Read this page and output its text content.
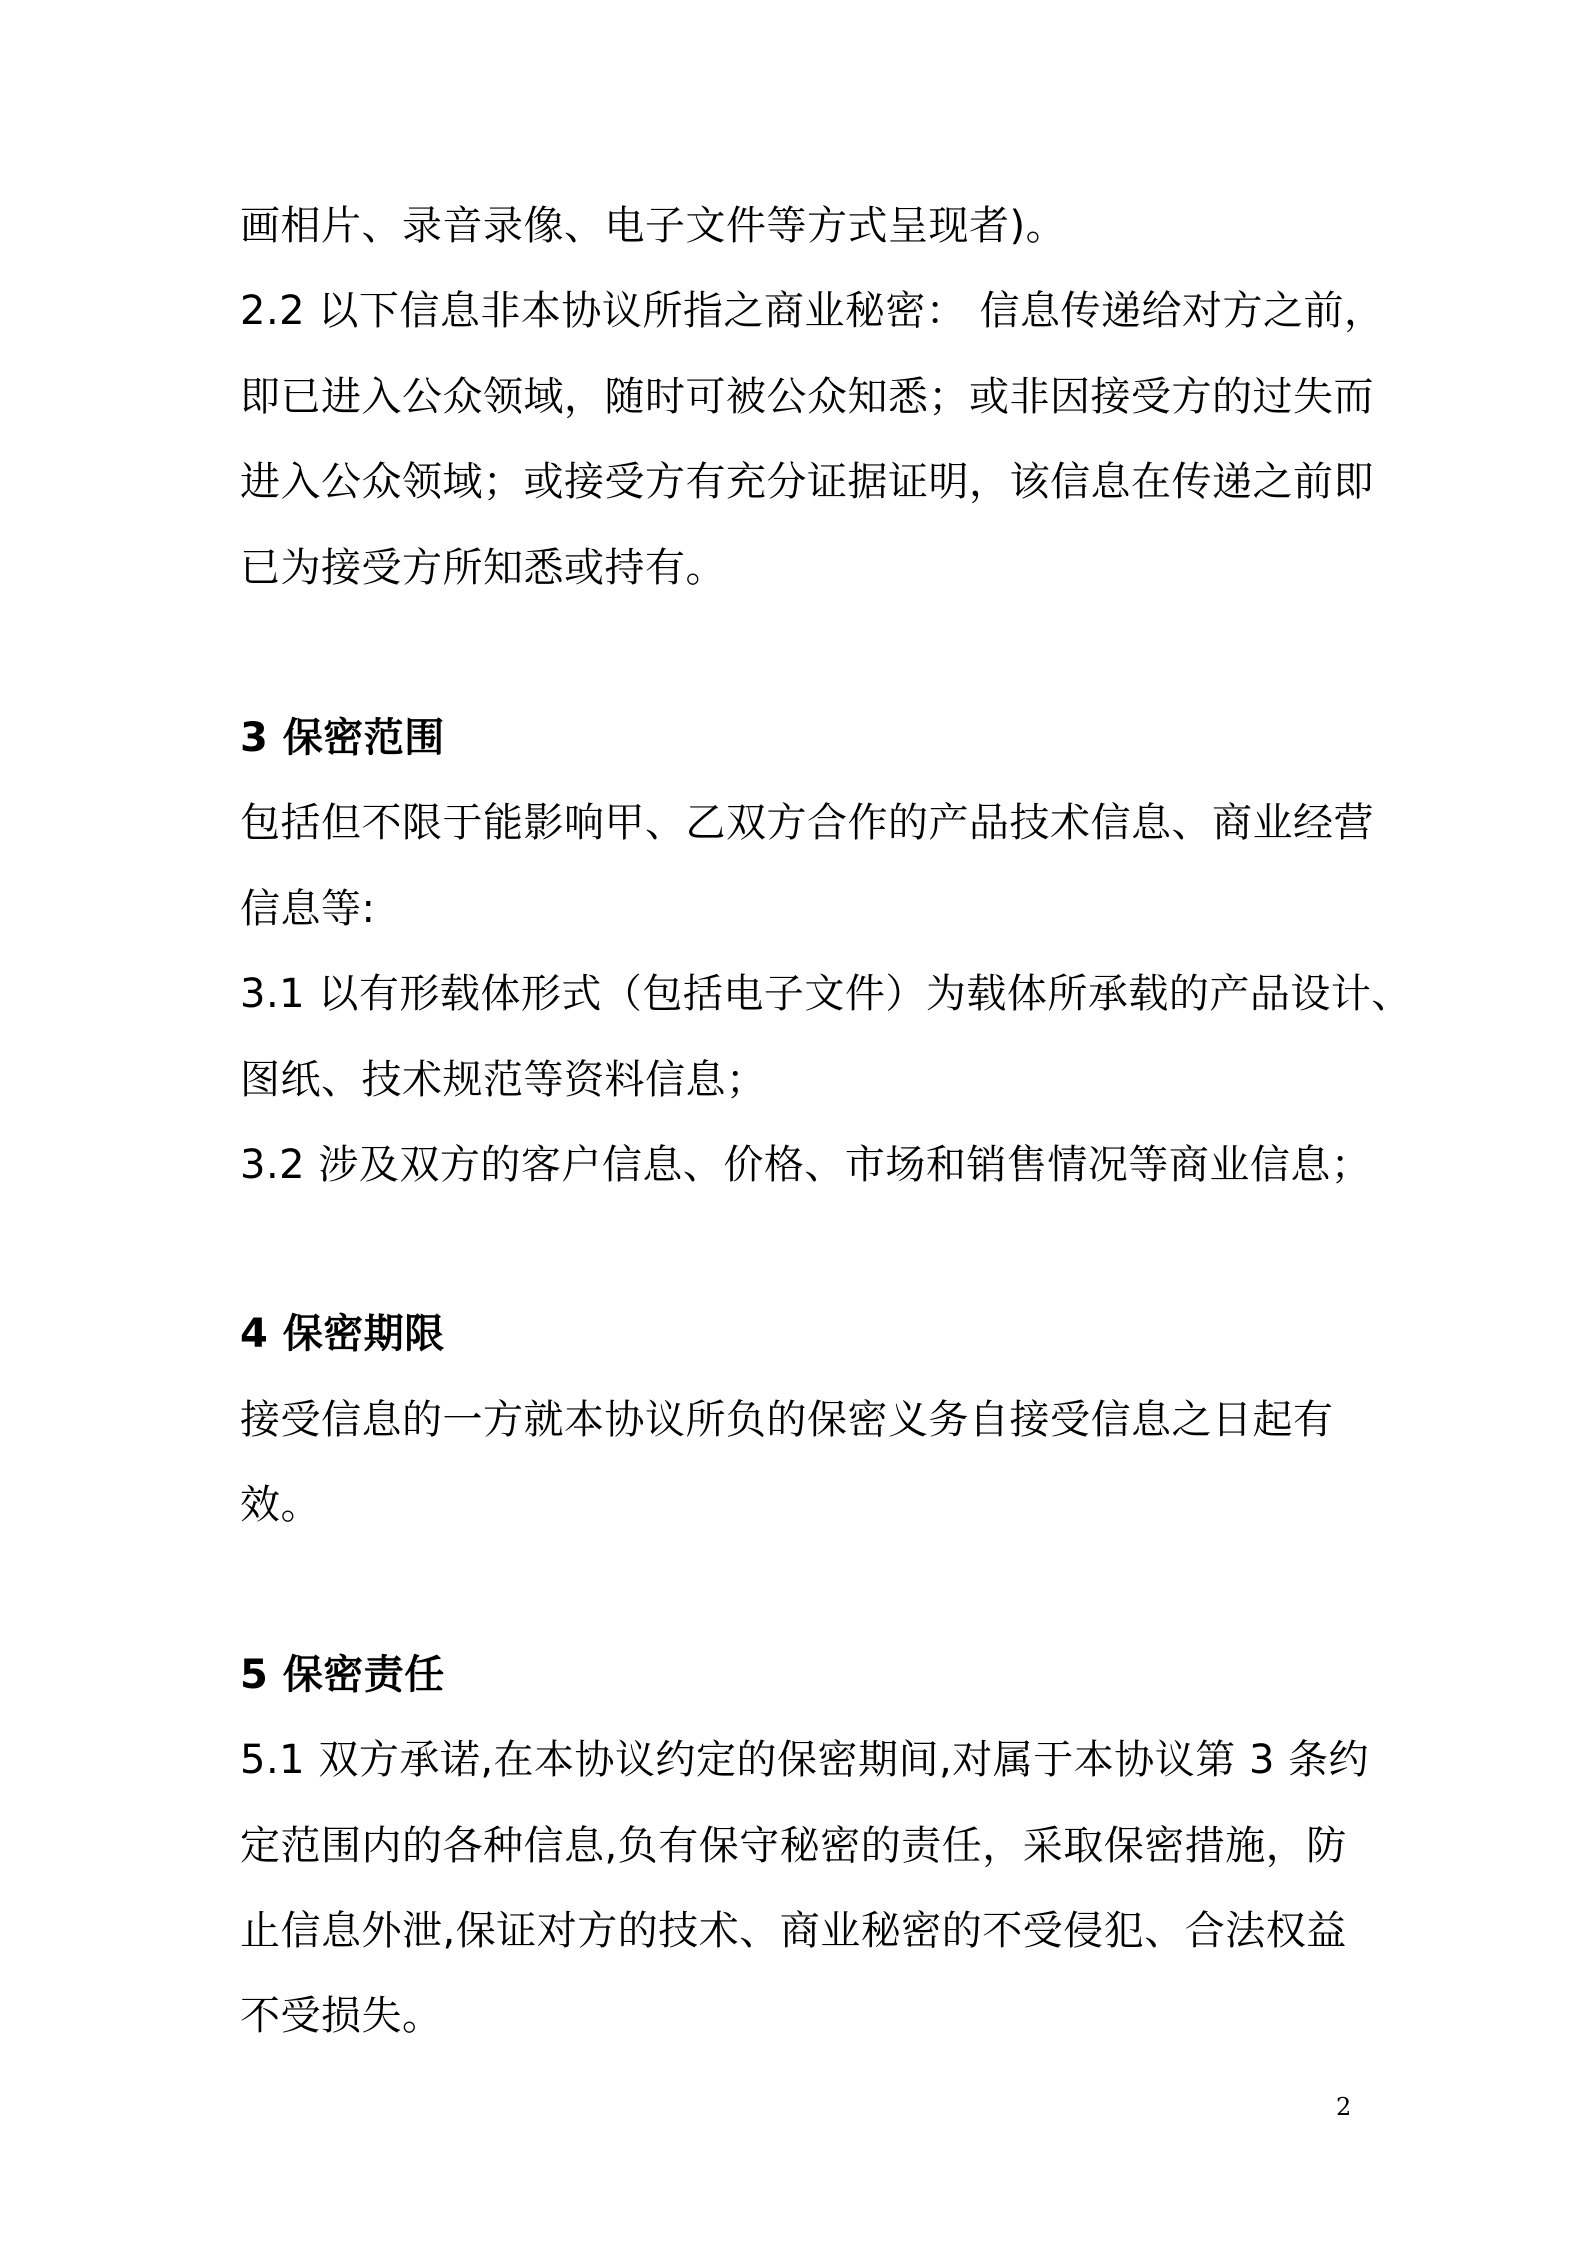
画相片、录音录像、电子文件等方式呈现者)。
2.2 以下信息非本协议所指之商业秘密： 信息传递给对方之前，
即已进入公众领域，随时可被公众知悉；或非因接受方的过失而
进入公众领域；或接受方有充分证据证明，该信息在传递之前即
已为接受方所知悉或持有。
3 保密范围
包括但不限于能影响甲、乙双方合作的产品技术信息、商业经营
信息等:
3.1 以有形载体形式（包括电子文件）为载体所承载的产品设计、
图纸、技术规范等资料信息；
3.2 涉及双方的客户信息、价格、市场和销售情况等商业信息；
4 保密期限
接受信息的一方就本协议所负的保密义务自接受信息之日起有
效。
5 保密责任
5.1 双方承诺,在本协议约定的保密期间,对属于本协议第 3 条约
定范围内的各种信息,负有保守秘密的责任，采取保密措施，防
止信息外泄,保证对方的技术、商业秘密的不受侵犯、合法权益
不受损失。
2
